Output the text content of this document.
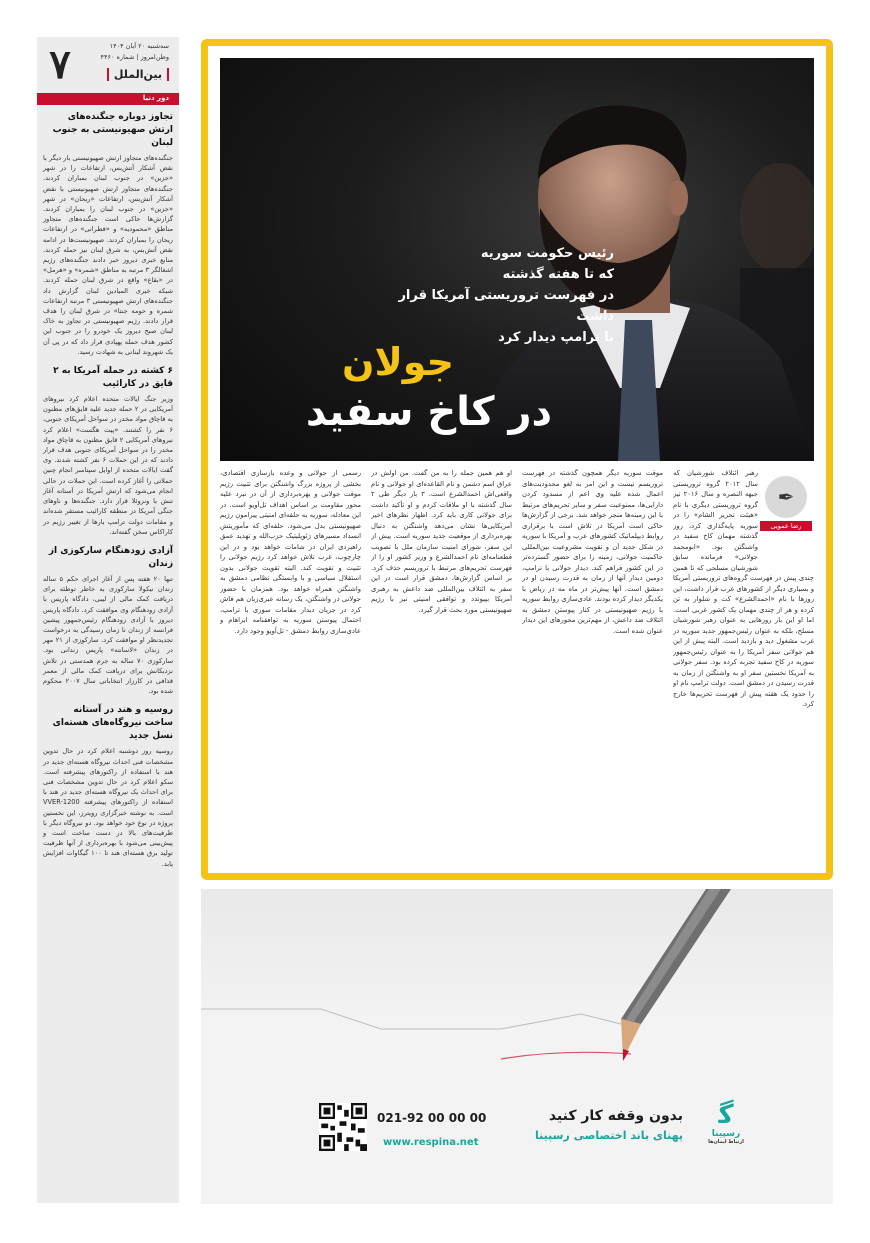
سه‌شنبه ۲۰ آبان ۱۴۰۴
وطن‌امروز | شماره ۴۴۶۰
بین‌الملل
۷
دور دنیا
تجاوز دوباره جنگنده‌های ارتش صهیونیستی به جنوب لبنان
جنگنده‌های متجاوز ارتش صهیونیستی بار دیگر با نقض آشکار آتش‌بس، ارتفاعات را در شهر «جزین» در جنوب لبنان بمباران کردند. جنگنده‌های متجاوز ارتش صهیونیستی با نقض آشکار آتش‌بس، ارتفاعات «ریحان» در شهر «جزین» در جنوب لبنان را بمباران کردند. گزارش‌ها حاکی است جنگنده‌های متجاوز مناطق «محمودیه» و «قطرانی» در ارتفاعات ریحان را بمباران کردند. صهیونیست‌ها در ادامه نقض آتش‌بس، به شرق لبنان نیز حمله کردند. منابع خبری دیروز خبر دادند جنگنده‌های رژیم اشغالگر ۳ مرتبه به مناطق «شمره» و «هرمل» در «بقاع» واقع در شرق لبنان حمله کردند. شبکه خبری المیادین لبنان گزارش داد جنگنده‌های ارتش صهیونیستی ۳ مرتبه ارتفاعات شمره و حومه جنتا» در شرق لبنان را هدف قرار دادند. رژیم صهیونیستی در تجاوز به خاک لبنان صبح دیروز یک خودرو را در جنوب این کشور هدف حمله پهپادی قرار داد که در پی آن یک شهروند لبنانی به شهادت رسید.
۶ کشته در حمله آمریکا به ۲ قایق در کارائیب
وزیر جنگ ایالات متحده اعلام کرد نیروهای آمریکایی در ۲ حمله جدید علیه قایق‌های مظنون به قاچاق مواد مخدر در سواحل آمریکای جنوبی، ۶ نفر را کشتند. «پیت هگست» اعلام کرد نیروهای آمریکایی ۲ قایق مظنون به قاچاق مواد مخدر را در سواحل آمریکای جنوبی هدف قرار دادند که در این حملات ۶ نفر کشته شدند. وی گفت ایالات متحده از اوایل سپتامبر انجام چنین حملاتی را آغاز کرده است. این حملات در حالی انجام می‌شود که ارتش آمریکا در آستانه آغاز تنش با ونزوئلا قرار دارد. جنگنده‌ها و ناوهای جنگی آمریکا در منطقه کارائیب مستقر شده‌اند و مقامات دولت ترامپ بارها از تغییر رژیم در کاراکاس سخن گفته‌اند.
آزادی زودهنگام سارکوزی از زندان
تنها ۲۰ هفته پس از آغاز اجرای حکم ۵ ساله زندان نیکولا سارکوزی به خاطر توطئه برای دریافت کمک مالی از لیبی، دادگاه پاریس با آزادی زودهنگام وی موافقت کرد. دادگاه پاریس دیروز با آزادی زودهنگام رئیس‌جمهور پیشین فرانسه از زندان تا زمان رسیدگی به درخواست تجدیدنظر او موافقت کرد. سارکوزی از ۲۱ مهر در زندان «لاسانته» پاریس زندانی بود. سارکوزی ۷۰ ساله به جرم همدستی در تلاش نزدیکانش برای دریافت کمک مالی از معمر قذافی در کارزار انتخاباتی سال ۲۰۰۷ محکوم شده بود.
روسیه و هند در آستانه ساخت نیروگاه‌های هسته‌ای نسل جدید
روسیه روز دوشنبه اعلام کرد در حال تدوین مشخصات فنی احداث نیروگاه هسته‌ای جدید در هند با استفاده از راکتورهای پیشرفته است. سکو اعلام کرد در حال تدوین مشخصات فنی برای احداث یک نیروگاه هسته‌ای جدید در هند با استفاده از راکتورهای پیشرفته VVER-1200 است. به نوشته خبرگزاری رویترز، این نخستین پروژه در نوع خود خواهد بود. دو نیروگاه دیگر با ظرفیت‌های بالا در دست ساخت است و پیش‌بینی می‌شود با بهره‌برداری از آنها ظرفیت تولید برق هسته‌ای هند تا ۱۰۰ گیگاوات افزایش یابد.
رئیس حکومت سوریه
که تا هفته گذشته
در فهرست تروریستی آمریکا قرار داشت
با ترامپ دیدار کرد
جولان
در کاخ سفید

رهبر ائتلاف شورشیان که سال ۲۰۱۲ گروه تروریستی جبهه النصره و سال ۲۰۱۶ نیز گروه تروریستی دیگری با نام «هیئت تحریر الشام» را در سوریه پایه‌گذاری کرد، روز گذشته مهمان کاخ سفید در واشنگتن بود. «ابومحمد جولانی» فرمانده سابق شورشیان مسلحی که تا همین چندی پیش در فهرست گروه‌های تروریستی آمریکا و بسیاری دیگر از کشورهای غرب قرار داشت، این روزها با نام «احمدالشرع» کت و شلوار به تن کرده و هر از چندی مهمان یک کشور غربی است. اما او این بار روزهایی به عنوان رهبر شورشیان مسلح، بلکه به عنوان رئیس‌جمهور جدید سوریه در غرب مشغول دید و بازدید است. البته پیش از این هم جولانی سفر آمریکا را به عنوان رئیس‌جمهور سوریه در کاخ سفید تجربه کرده بود. سفر جولانی به آمریکا نخستین سفر او به واشنگتن از زمان به قدرت رسیدن در دمشق است. دولت ترامپ نام او را حدود یک هفته پیش از فهرست تحریم‌ها خارج کرد.

موقت سوریه دیگر همچون گذشته در فهرست تروریسم نیست و این امر به لغو محدودیت‌های اعمال شده علیه وی اعم از مسدود کردن دارایی‌ها، ممنوعیت سفر و سایر تحریم‌های مرتبط با این زمینه‌ها منجر خواهد شد. برخی از گزارش‌ها حاکی است آمریکا در تلاش است با برقراری روابط دیپلماتیک کشورهای عرب و آمریکا با سوریه در شکل جدید آن و تقویت مشروعیت بین‌المللی حاکمیت جولانی، زمینه را برای حضور گسترده‌تر در این کشور فراهم کند. دیدار جولانی با ترامپ، دومین دیدار آنها از زمان به قدرت رسیدن او در دمشق است. آنها پیش‌تر در ماه مه در ریاض با یکدیگر دیدار کرده بودند. عادی‌سازی روابط سوریه با رژیم صهیونیستی در کنار پیوستن دمشق به ائتلاف ضد داعش، از مهم‌ترین محورهای این دیدار عنوان شده است.

او هم همین جمله را به من گفت. من اولش در عراق اسم دشمن و نام القاعده‌ای او جولانی و نام واقعی‌اش احمدالشرع است. ۳ بار دیگر طی ۲ سال گذشته با او ملاقات کردم و او تأکید داشت برای جولانی کاری باید کرد. اظهار نظرهای اخیر آمریکایی‌ها نشان می‌دهد واشنگتن به دنبال بهره‌برداری از موقعیت جدید سوریه است. پیش از این سفر، شورای امنیت سازمان ملل با تصویب قطعنامه‌ای نام احمدالشرع و وزیر کشور او را از فهرست تحریم‌های مرتبط با تروریسم حذف کرد. بر اساس گزارش‌ها، دمشق قرار است در این سفر به ائتلاف بین‌المللی ضد داعش به رهبری آمریکا بپیوندد و توافقی امنیتی نیز با رژیم صهیونیستی مورد بحث قرار گیرد.

رسمی از جولانی و وعده بازسازی اقتصادی، بخشی از پروژه بزرگ واشنگتن برای تثبیت رژیم موقت جولانی و بهره‌برداری از آن در نبرد علیه محور مقاومت بر اساس اهداف تل‌آویو است. در این معادله، سوریه به حلقه‌ای امنیتی پیرامون رژیم صهیونیستی بدل می‌شود. حلقه‌ای که مأموریتش انسداد مسیرهای ژئوپلیتیک حزب‌الله و تهدید عمق راهبردی ایران در شامات خواهد بود و در این چارچوب، غرب تلاش خواهد کرد رژیم جولانی را تثبیت و تقویت کند. البته تقویت جولانی بدون استقلال سیاسی و با وابستگی نظامی دمشق به واشنگتن همراه خواهد بود. همزمان با حضور جولانی در واشنگتن، یک رسانه عبری‌زبان هم فاش کرد در جریان دیدار مقامات سوری با ترامپ، احتمال پیوستن سوریه به توافقنامه ابراهام و عادی‌سازی روابط دمشق - تل‌آویو وجود دارد.

✒
رضا عمویی
ﮔ
رسپینا
ارتباط ایمان‌ها
بدون وقفه کار کنید
پهنای باند اختصاصی رسپینا
021-92 00 00 00
www.respina.net
